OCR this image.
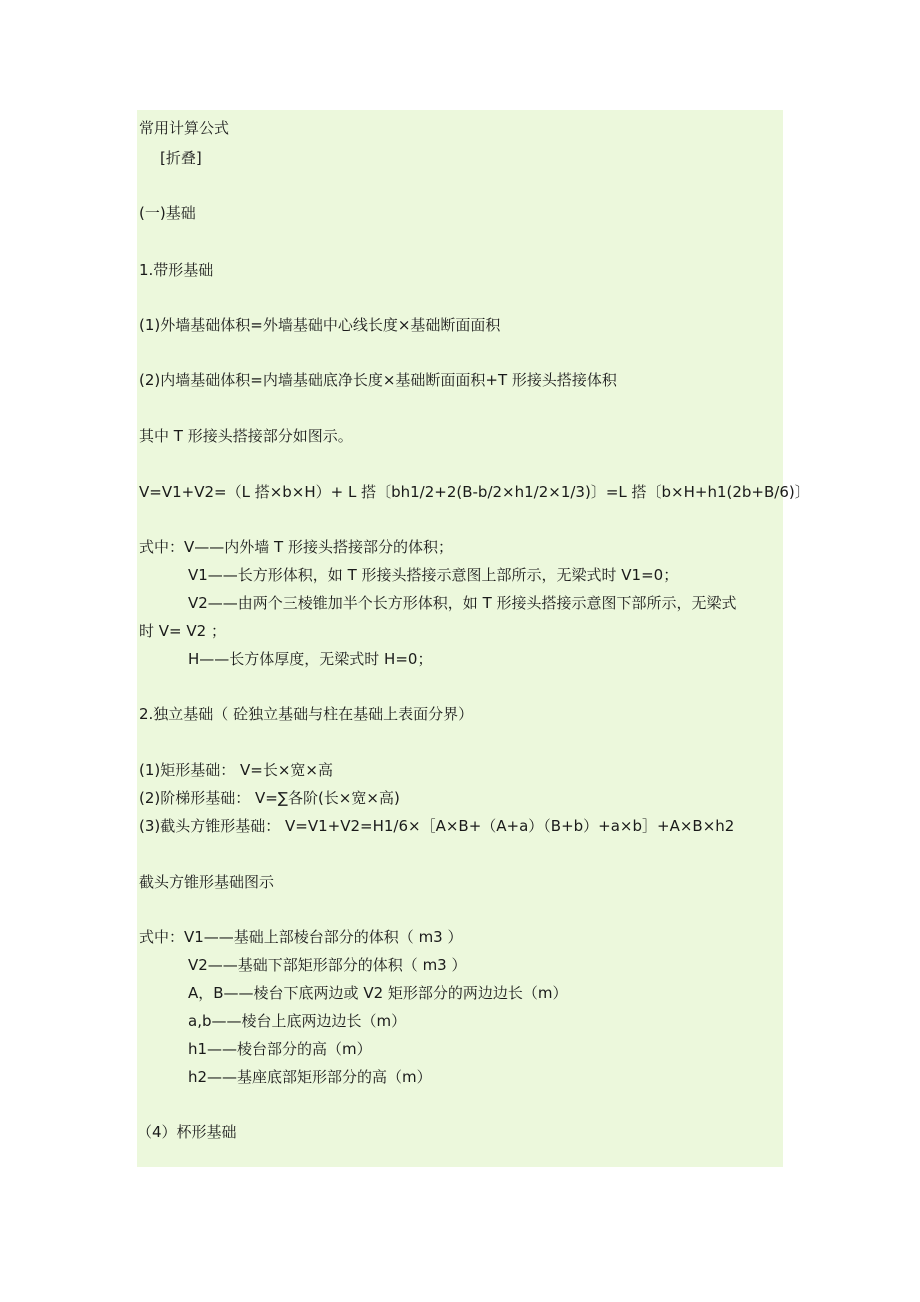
常用计算公式
[折叠]
(一)基础
1.带形基础
(1)外墙基础体积=外墙基础中心线长度×基础断面面积
(2)内墙基础体积=内墙基础底净长度×基础断面面积+T 形接头搭接体积
其中 T 形接头搭接部分如图示。
V=V1+V2=（L 搭×b×H）+ L 搭〔bh1/2+2(B-b/2×h1/2×1/3)〕=L 搭〔b×H+h1(2b+B/6)〕
式中：V——内外墙 T 形接头搭接部分的体积；
V1——长方形体积，如 T 形接头搭接示意图上部所示，无梁式时 V1=0；
V2——由两个三棱锥加半个长方形体积，如 T 形接头搭接示意图下部所示，无梁式
时 V= V2 ；
H——长方体厚度，无梁式时 H=0；
2.独立基础（ 砼独立基础与柱在基础上表面分界）
(1)矩形基础： V=长×宽×高
(2)阶梯形基础： V=∑各阶(长×宽×高)
(3)截头方锥形基础： V=V1+V2=H1/6×［A×B+（A+a）（B+b）+a×b］+A×B×h2
截头方锥形基础图示
式中：V1——基础上部棱台部分的体积（ m3 ）
V2——基础下部矩形部分的体积（ m3 ）
A，B——棱台下底两边或 V2 矩形部分的两边边长（m）
a,b——棱台上底两边边长（m）
h1——棱台部分的高（m）
h2——基座底部矩形部分的高（m）
（4）杯形基础
